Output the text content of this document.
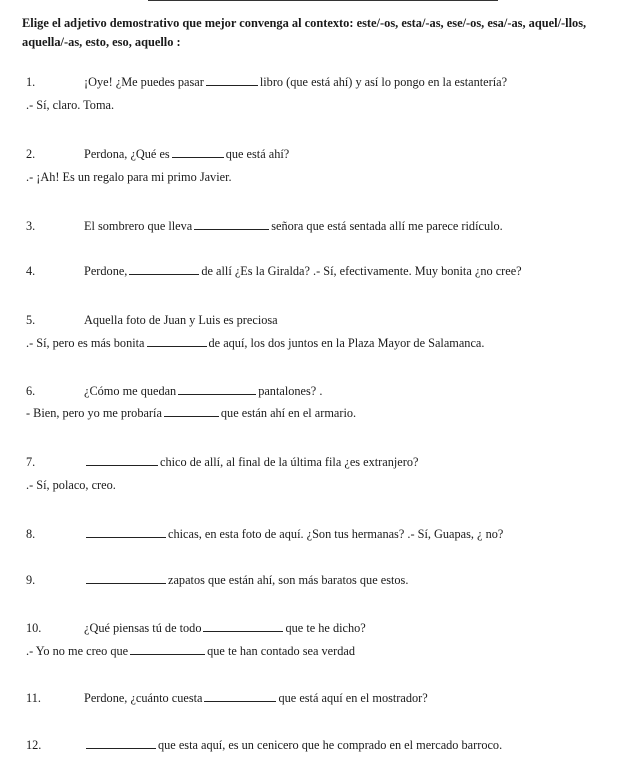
Elige el adjetivo demostrativo que mejor convenga al contexto: este/-os, esta/-as, ese/-os, esa/-as, aquel/-llos, aquella/-as, esto, eso, aquello :
1.	¡Oye! ¿Me puedes pasar	libro (que está ahí) y así lo pongo en la estantería?
.- Sí, claro. Toma.
2.	Perdona, ¿Qué es	que está ahí?
.- ¡Ah! Es un regalo para mi primo Javier.
3.	El sombrero que lleva	señora que está sentada allí me parece ridículo.
4.	Perdone,	de allí ¿Es la Giralda? .- Sí, efectivamente. Muy bonita ¿no cree?
5.	Aquella foto de Juan y Luis es preciosa
.- Sí, pero es más bonita	de aquí, los dos juntos en la Plaza Mayor de Salamanca.
6.	¿Cómo me quedan	pantalones? .
- Bien, pero yo me probaría	que están ahí en el armario.
7.	chico de allí, al final de la última fila ¿es extranjero?
.- Sí, polaco, creo.
8.	chicas, en esta foto de aquí. ¿Son tus hermanas? .- Sí, Guapas, ¿ no?
9.	zapatos que están ahí, son más baratos que estos.
10.	¿Qué piensas tú de todo	que te he dicho?
.- Yo no me creo que	que te han contado sea verdad
11.	Perdone, ¿cuánto cuesta	que está aquí en el mostrador?
12.	que esta aquí, es un cenicero que he comprado en el mercado barroco.
